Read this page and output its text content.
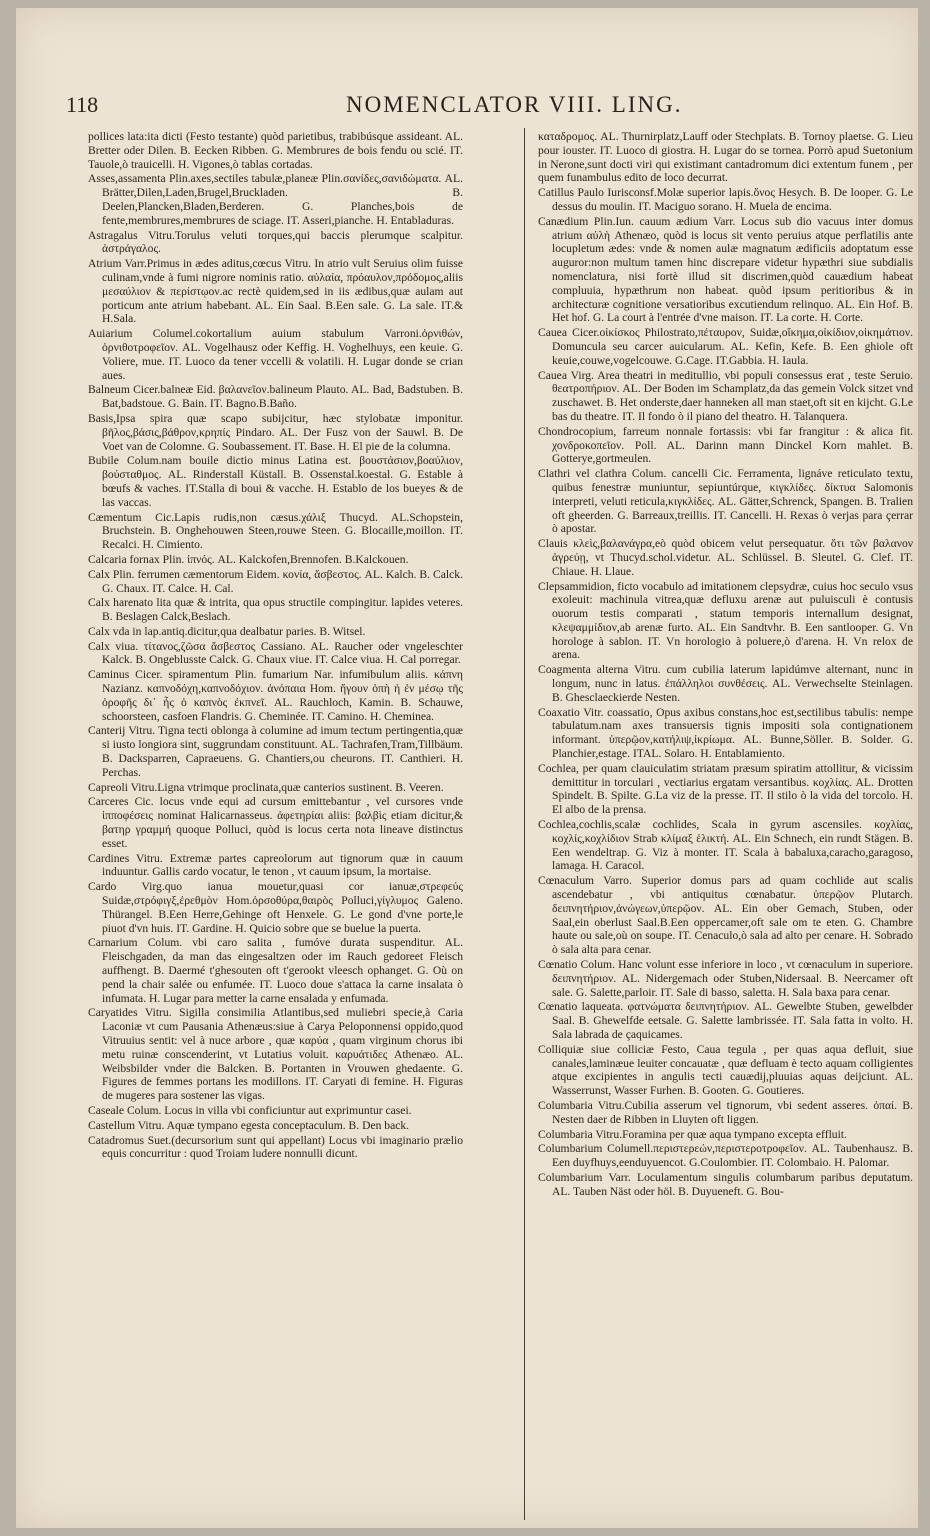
118	NOMENCLATOR VIII. LING.

pollices lata:ita dicti (Festo testante) quòd parietibus, trabibúsque assideant. AL. Bretter oder Dilen. B. Eecken Ribben. G. Membrures de bois fendu ou scié. IT. Tauole,ò trauicelli. H. Vigones,ò tablas cortadas.

Asses,assamenta Plin.axes,sectiles tabulæ,planeæ Plin.σανίδες,σανιδώματα. AL. Brätter,Dilen,Laden,Brugel,Bruckladen. B. Deelen,Plancken,Bladen,Berderen. G. Planches,bois de fente,membrures,membrures de sciage. IT. Asseri,pianche. H. Entabladuras.

Astragalus Vitru.Torulus veluti torques,qui baccis plerumque scalpitur. ἀστράγαλος.

Atrium Varr.Primus in ædes aditus,cœcus Vitru. In atrio vult Seruius olim fuisse culinam,vnde à fumi nigrore nominis ratio. αὐλαία, πρόαυλον,πρόδομος,aliis μεσαύλιον & περίστῳον.ac rectè quidem,sed in iis ædibus,quæ aulam aut porticum ante atrium habebant. AL. Ein Saal. B.Een sale. G. La sale. IT.& H.Sala.

Auiarium Columel.cokortalium auium stabulum Varroni.ὀρνιθών, ὀρνιθοτροφεῖον. AL. Vogelhausz oder Keffig. H. Voghelhuys, een keuie. G. Voliere, mue. IT. Luoco da tener vccelli & volatili. H. Lugar donde se crian aues.

Balneum Cicer.balneæ Eid. βαλανεῖον.balineum Plauto. AL. Bad, Badstuben. B. Bat,badstoue. G. Bain. IT. Bagno.B.Baño.

Basis,Ipsa spira quæ scapo subijcitur, hæc stylobatæ imponitur. βῆλος,βάσις,βάθρον,κρηπίς Pindaro. AL. Der Fusz von der Sauwl. B. De Voet van de Colomne. G. Soubassement. IT. Base. H. El pie de la columna.

Bubile Colum.nam bouile dictio minus Latina est. βουστάσιον,βοαύλιον, βούσταθμος. AL. Rinderstall Küstall. B. Ossenstal.koestal. G. Estable à bœufs & vaches. IT.Stalla di boui & vacche. H. Establo de los bueyes & de las vaccas.

Cæmentum Cic.Lapis rudis,non cæsus.χάλιξ Thucyd. AL.Schopstein, Bruchstein. B. Onghehouwen Steen,rouwe Steen. G. Blocaille,moillon. IT. Recalci. H. Cimiento.

Calcaria fornax Plin. ἰπνός. AL. Kalckofen,Brennofen. B.Kalckouen.

Calx Plin. ferrumen cæmentorum Eidem. κονία, ἄσβεστος. AL. Kalch. B. Calck. G. Chaux. IT. Calce. H. Cal.

Calx harenato lita quæ & intrita, qua opus structile compingitur. lapides veteres. B. Beslagen Calck,Beslach.

Calx vda in lap.antiq.dicitur,qua dealbatur paries. B. Witsel.

Calx viua. τίτανος,ζῶσα ἄσβεστος Cassiano. AL. Raucher oder vngeleschter Kalck. B. Ongeblusste Calck. G. Chaux viue. IT. Calce viua. H. Cal porregar.

Caminus Cicer. spiramentum Plin. fumarium Nar. infumibulum aliis. κάπνη Nazianz. καπνοδόχη,καπνοδόχιον. ἀνόπαια Hom. ἤγουν ὀπὴ ἡ ἐν μέσῳ τῆς ὀροφῆς δι᾽ ἧς ὁ καπνὸς ἐκπνεῖ. AL. Rauchloch, Kamin. B. Schauwe, schoorsteen, casfoen Flandris. G. Cheminée. IT. Camino. H. Cheminea.

Canterij Vitru. Tigna tecti oblonga à columine ad imum tectum pertingentia,quæ si iusto longiora sint, suggrundam constituunt. AL. Tachrafen,Tram,Tillbäum. B. Dacksparren, Capraeuens. G. Chantiers,ou cheurons. IT. Canthieri. H. Perchas.

Capreoli Vitru.Ligna vtrimque proclinata,quæ canterios sustinent. B. Veeren.

Carceres Cic. locus vnde equi ad cursum emittebantur , vel cursores vnde ἱπποφέσεις nominat Halicarnasseus. ἀφετηρίαι aliis: βαλβὶς etiam dicitur,& βατηρ γραμμή quoque Polluci, quòd is locus certa nota lineave distinctus esset.

Cardines Vitru. Extremæ partes capreolorum aut tignorum quæ in cauum induuntur. Gallis cardo vocatur, le tenon , vt cauum ipsum, la mortaise.

Cardo Virg.quo ianua mouetur,quasi cor ianuæ,στρεφεύς Suidæ,στρόφιγξ,ἐρεθμὸν Hom.ὀρσοθύρα,θαιρὸς Polluci,γίγλυμος Galeno. Thürangel. B.Een Herre,Gehinge oft Henxele. G. Le gond d'vne porte,le piuot d'vn huis. IT. Gardine. H. Quicio sobre que se buelue la puerta.

Carnarium Colum. vbi caro salita , fumóve durata suspenditur. AL. Fleischgaden, da man das eingesaltzen oder im Rauch gedoreet Fleisch auffhengt. B. Daermé t'ghesouten oft t'gerookt vleesch ophanget. G. Où on pend la chair salée ou enfumée. IT. Luoco doue s'attaca la carne insalata ò infumata. H. Lugar para metter la carne ensalada y enfumada.

Caryatides Vitru. Sigilla consimilia Atlantibus,sed muliebri specie,à Caria Laconiæ vt cum Pausania Athenæus:siue à Carya Peloponnensi oppido,quod Vitruuius sentit: vel à nuce arbore , quæ καρύα , quam virginum chorus ibi metu ruinæ conscenderint, vt Lutatius voluit. καρυάτιδες Athenæo. AL. Weibsbilder vnder die Balcken. B. Portanten in Vrouwen ghedaente. G. Figures de femmes portans les modillons. IT. Caryati di femine. H. Figuras de mugeres para sostener las vigas.

Caseale Colum. Locus in villa vbi conficiuntur aut exprimuntur casei.

Castellum Vitru. Aquæ tympano egesta conceptaculum. B. Den back.

Catadromus Suet.(decursorium sunt qui appellant) Locus vbi imaginario prælio equis concurritur : quod Troiam ludere nonnulli dicunt.

καταδρομος. AL. Thurnirplatz,Lauff oder Stechplats. B. Tornoy plaetse. G. Lieu pour iouster. IT. Luoco di giostra. H. Lugar do se tornea. Porrò apud Suetonium in Nerone,sunt docti viri qui existimant cantadromum dici extentum funem , per quem funambulus edito de loco decurrat.

Catillus Paulo Iurisconsf.Molæ superior lapis.ὄνος Hesych. B. De looper. G. Le dessus du moulin. IT. Maciguo sorano. H. Muela de encima.

Canædium Plin.Iun. cauum ædium Varr. Locus sub dio vacuus inter domus atrium αὐλὴ Athenæo, quòd is locus sit vento peruius atque perflatilis ante locupletum ædes: vnde & nomen aulæ magnatum ædificiis adoptatum esse auguror:non multum tamen hinc discrepare videtur hypæthri siue subdialis nomenclatura, nisi fortè illud sit discrimen,quòd cauædium habeat compluuia, hypæthrum non habeat. quòd ipsum peritioribus & in architecturæ cognitione versatioribus excutiendum relinquo. AL. Ein Hof. B. Het hof. G. La court à l'entrée d'vne maison. IT. La corte. H. Corte.

Cauea Cicer.οἰκίσκος Philostrato,πέταυρον, Suidæ,οἴκημα,οἰκίδιον,οἰκημάτιον. Domuncula seu carcer auicularum. AL. Kefin, Kefe. B. Een ghiole oft keuie,couwe,vogelcouwe. G.Cage. IT.Gabbia. H. Iaula.

Cauea Virg. Area theatri in meditullio, vbi populi consessus erat , teste Seruio. θεατροπήριον. AL. Der Boden im Schamplatz,da das gemein Volck sitzet vnd zuschawet. B. Het onderste,daer hanneken all man staet,oft sit en kijcht. G.Le bas du theatre. IT. Il fondo ò il piano del theatro. H. Talanquera.

Chondrocopium, farreum nonnale fortassis: vbi far frangitur : & alica fit. χονδροκοπεῖον. Poll. AL. Darinn mann Dinckel Korn mahlet. B. Gotterye,gortmeulen.

Clathri vel clathra Colum. cancelli Cic. Ferramenta, lignáve reticulato textu, quibus fenestræ muniuntur, sepiuntúrque, κιγκλίδες. δίκτυα Salomonis interpreti, veluti reticula,κιγκλίδες. AL. Gätter,Schrenck, Spangen. B. Tralien oft gheerden. G. Barreaux,treillis. IT. Cancelli. H. Rexas ò verjas para çerrar ò apostar.

Clauis κλεὶς,βαλανάγρα,eò quòd obicem velut persequatur. ὅτι τῶν βαλανον ἀγρεύῃ, vt Thucyd.schol.videtur. AL. Schlüssel. B. Sleutel. G. Clef. IT. Chiaue. H. Llaue.

Clepsammidion, ficto vocabulo ad imitationem clepsydræ, cuius hoc seculo vsus exoleuit: machinula vitrea,quæ defluxu arenæ aut puluisculi è contusis ouorum testis comparati , statum temporis internallum designat, κλεψαμμίδιον,ab arenæ furto. AL. Ein Sandtvhr. B. Een santlooper. G. Vn horologe à sablon. IT. Vn horologio à poluere,ò d'arena. H. Vn relox de arena.

Coagmenta alterna Vitru. cum cubilia laterum lapidúmve alternant, nunc in longum, nunc in latus. ἐπάλληλοι συνθέσεις. AL. Verwechselte Steinlagen. B. Ghesclaeckierde Nesten.

Coaxatio Vitr. coassatio, Opus axibus constans,hoc est,sectilibus tabulis: nempe tabulatum.nam axes transuersis tignis impositi sola contignationem informant. ὑπερῷον,κατήλιψ,ἰκρίωμα. AL. Bunne,Söller. B. Solder. G. Planchier,estage. ITAL. Solaro. H. Entablamiento.

Cochlea, per quam clauiculatim striatam præsum spiratim attollitur, & vicissim demittitur in torculari , vectiarius ergatam versantibus. κοχλίας. AL. Drotten Spindelt. B. Spilte. G.La viz de la presse. IT. Il stilo ò la vida del torcolo. H. El albo de la prensa.

Cochlea,cochlis,scalæ cochlides, Scala in gyrum ascensiles. κοχλίας, κοχλίς,κοχλίδιον Strab κλίμαξ ἑλικτή. AL. Ein Schnech, ein rundt Stägen. B. Een wendeltrap. G. Viz à monter. IT. Scala à babaluxa,caracho,garagoso, lamaga. H. Caracol.

Cœnaculum Varro. Superior domus pars ad quam cochlide aut scalis ascendebatur , vbi antiquitus cœnabatur. ὑπερῷον Plutarch. δειπνητήριον,ἀνώγεων,ὑπερῷον. AL. Ein ober Gemach, Stuben, oder Saal,ein oberlust Saal.B.Een oppercamer,oft sale om te eten. G. Chambre haute ou sale,où on soupe. IT. Cenaculo,ò sala ad alto per cenare. H. Sobrado ò sala alta para cenar.

Cœnatio Colum. Hanc volunt esse inferiore in loco , vt cœnaculum in superiore. δειπνητήριον. AL. Nidergemach oder Stuben,Nidersaal. B. Neercamer oft sale. G. Salette,parloir. IT. Sale di basso, saletta. H. Sala baxa para cenar.

Cœnatio laqueata. φατνώματα δειπνητήριον. AL. Gewelbte Stuben, gewelbder Saal. B. Ghewelfde eetsale. G. Salette lambrissée. IT. Sala fatta in volto. H. Sala labrada de çaquicames.

Colliquiæ siue colliciæ Festo, Caua tegula , per quas aqua defluit, siue canales,laminæue leuiter concauatæ , quæ defluam è tecto aquam colligientes atque excipientes in angulis tecti cauædij,pluuias aquas deijciunt. AL. Wasserrunst, Wasser Furhen. B. Gooten. G. Goutieres.

Columbaria Vitru.Cubilia asserum vel tignorum, vbi sedent asseres. ὀπαί. B. Nesten daer de Ribben in Lluyten oft liggen.

Columbaria Vitru.Foramina per quæ aqua tympano excepta effluit.

Columbarium Columell.περιστερεών,περιστεροτροφεῖον. AL. Taubenhausz. B. Een duyfhuys,eenduyuencot. G.Coulombier. IT. Colombaio. H. Palomar.

Columbarium Varr. Loculamentum singulis columbarum paribus deputatum. AL. Tauben Näst oder höl. B. Duyueneft. G. Bou-
